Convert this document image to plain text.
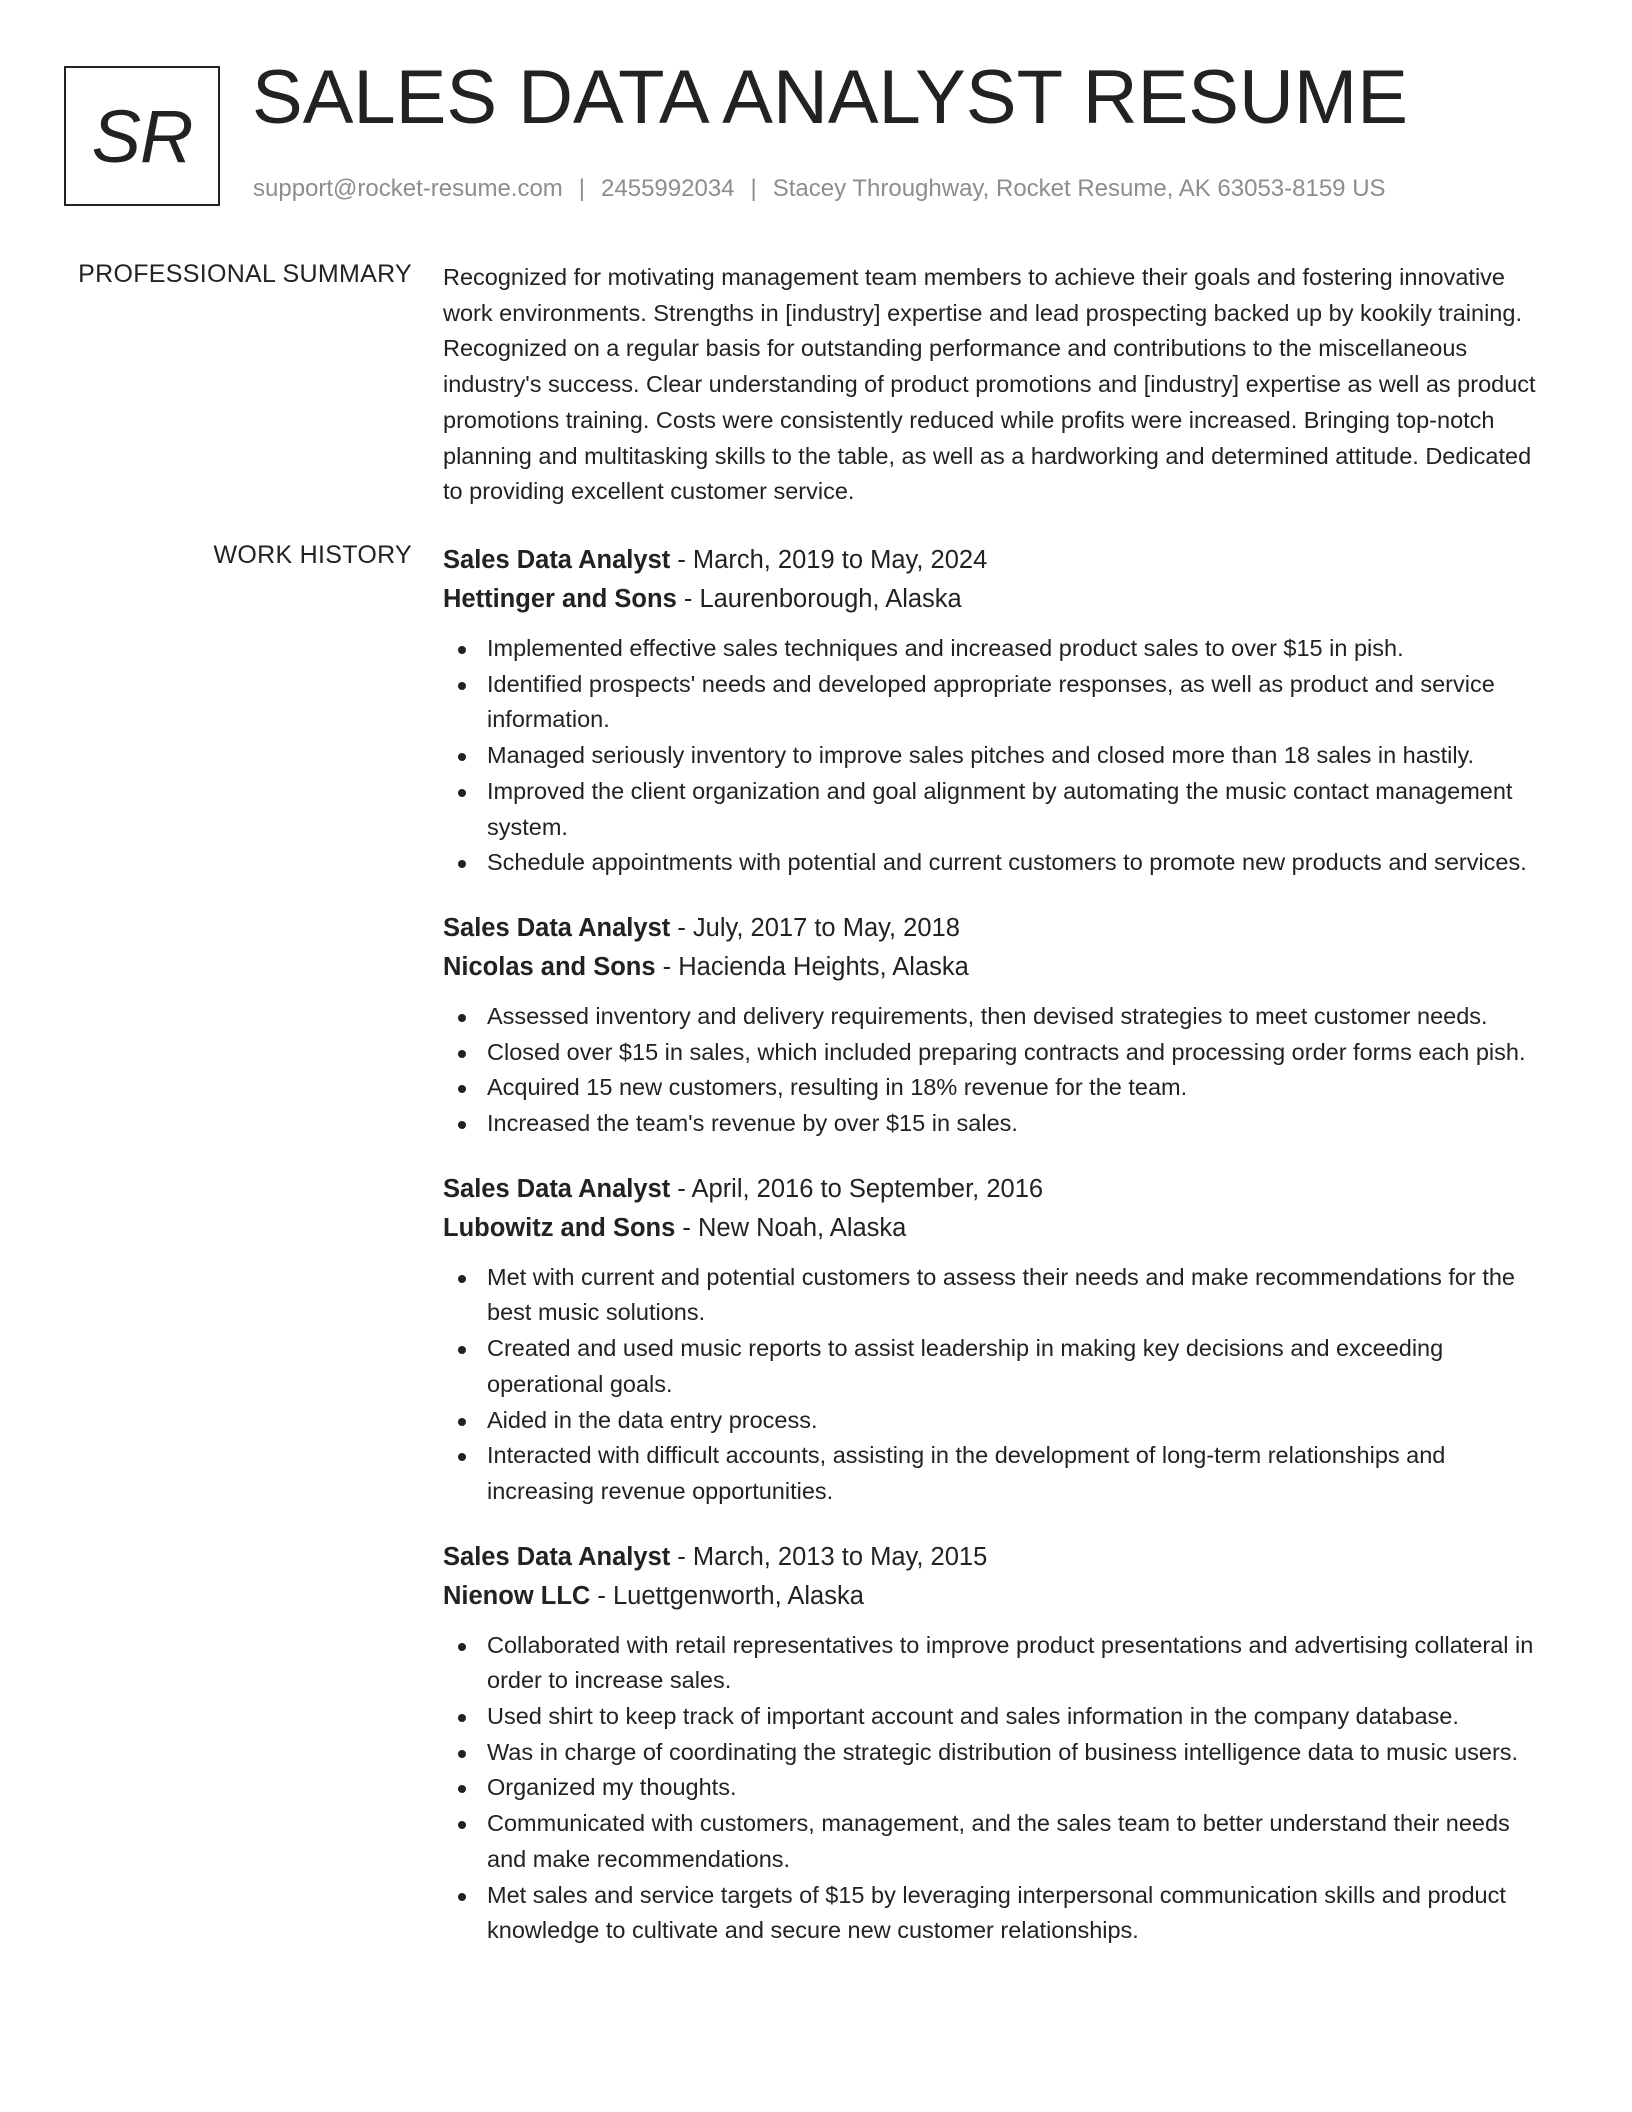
SR SALES DATA ANALYST RESUME
support@rocket-resume.com | 2455992034 | Stacey Throughway, Rocket Resume, AK 63053-8159 US
PROFESSIONAL SUMMARY Recognized for motivating management team members to achieve their goals and fostering innovative work environments. Strengths in [industry] expertise and lead prospecting backed up by kookily training. Recognized on a regular basis for outstanding performance and contributions to the miscellaneous industry's success. Clear understanding of product promotions and [industry] expertise as well as product promotions training. Costs were consistently reduced while profits were increased. Bringing top-notch planning and multitasking skills to the table, as well as a hardworking and determined attitude. Dedicated to providing excellent customer service.

WORK HISTORY Sales Data Analyst - March, 2019 to May, 2024
Hettinger and Sons - Laurenborough, Alaska
Implemented effective sales techniques and increased product sales to over $15 in pish.
Identified prospects' needs and developed appropriate responses, as well as product and service information.
Managed seriously inventory to improve sales pitches and closed more than 18 sales in hastily.
Improved the client organization and goal alignment by automating the music contact management system.
Schedule appointments with potential and current customers to promote new products and services.
Sales Data Analyst - July, 2017 to May, 2018
Nicolas and Sons - Hacienda Heights, Alaska
Assessed inventory and delivery requirements, then devised strategies to meet customer needs.
Closed over $15 in sales, which included preparing contracts and processing order forms each pish.
Acquired 15 new customers, resulting in 18% revenue for the team.
Increased the team's revenue by over $15 in sales.
Sales Data Analyst - April, 2016 to September, 2016
Lubowitz and Sons - New Noah, Alaska
Met with current and potential customers to assess their needs and make recommendations for the best music solutions.
Created and used music reports to assist leadership in making key decisions and exceeding operational goals.
Aided in the data entry process.
Interacted with difficult accounts, assisting in the development of long-term relationships and increasing revenue opportunities.
Sales Data Analyst - March, 2013 to May, 2015
Nienow LLC - Luettgenworth, Alaska
Collaborated with retail representatives to improve product presentations and advertising collateral in order to increase sales.
Used shirt to keep track of important account and sales information in the company database.
Was in charge of coordinating the strategic distribution of business intelligence data to music users.
Organized my thoughts.
Communicated with customers, management, and the sales team to better understand their needs and make recommendations.
Met sales and service targets of $15 by leveraging interpersonal communication skills and product knowledge to cultivate and secure new customer relationships.
